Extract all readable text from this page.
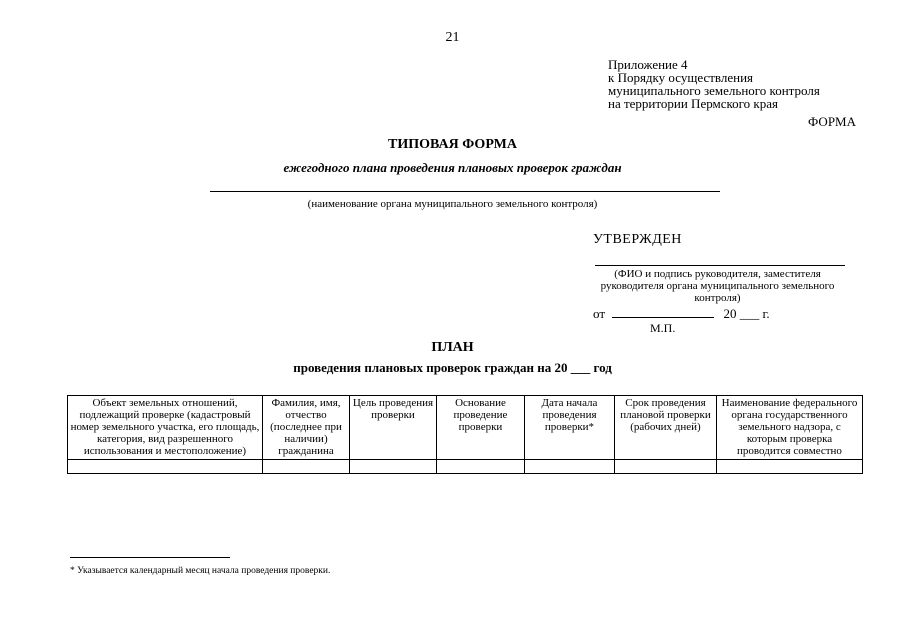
21
Приложение 4
к Порядку осуществления
муниципального земельного контроля
на территории Пермского края
ФОРМА
ТИПОВАЯ ФОРМА
ежегодного плана проведения плановых проверок граждан
(наименование органа муниципального земельного контроля)
УТВЕРЖДЕН
(ФИО и подпись руководителя, заместителя руководителя органа муниципального земельного контроля)
от	20 ___ г.
М.П.
ПЛАН
проведения плановых проверок граждан на 20 ___ год
Объект земельных отношений, подлежащий проверке (кадастровый номер земельного участка, его площадь, категория, вид разрешенного использования и местоположение)	Фамилия, имя, отчество (последнее при наличии) гражданина	Цель проведения проверки	Основание проведение проверки	Дата начала проведения проверки*	Срок проведения плановой проверки (рабочих дней)	Наименование федерального органа государственного земельного надзора, с которым проверка проводится совместно

* Указывается календарный месяц начала проведения проверки.
